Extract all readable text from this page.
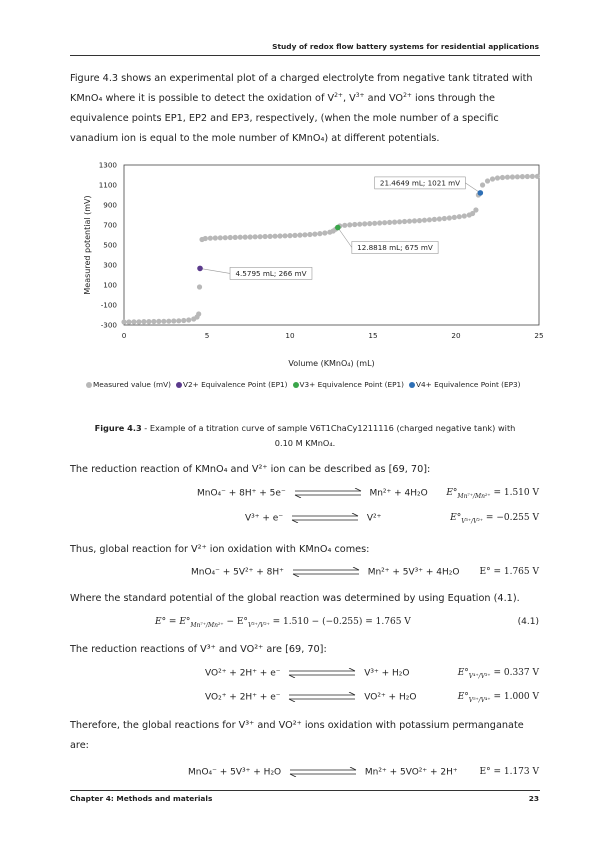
Study of redox flow battery systems for residential applications
Figure 4.3 shows an experimental plot of a charged electrolyte from negative tank titrated with
KMnO₄ where it is possible to detect the oxidation of $V^{2+}$, $V^{3+}$ and $VO^{2+}$ ions through the
equivalence points EP1, EP2 and EP3, respectively, (when the mole number of a specific
vanadium ion is equal to the mole number of KMnO₄) at different potentials.
-300
-100
100
300
500
700
900
1100
1300
0	5	10	15	20	25
Volume (KMnO₄) (mL)
Measured potential (mV)	4.5795 mL; 266 mV
12.8818 mL; 675 mV
21.4649 mL; 1021 mV
Measured value (mV) V2+ Equivalence Point (EP1) V3+ Equivalence Point (EP1) V4+ Equivalence Point (EP3)
Figure 4.3 - Example of a titration curve of sample V6T1ChaCy1211116 (charged negative tank) with
0.10 M KMnO₄.
The reduction reaction of KMnO₄ and V²⁺ ion can be described as [69, 70]:
MnO₄⁻ + 8H⁺ + 5e⁻	Mn²⁺ + 4H₂O $E^\circ_{Mn^{7+}/Mn^{2+}} = 1.510$ V
V³⁺ + e⁻	V²⁺	$E^\circ_{V^{3+}/V^{2+}} = -0.255$ V
Thus, global reaction for V²⁺ ion oxidation with KMnO₄ comes:
MnO₄⁻ + 5V²⁺ + 8H⁺	Mn²⁺ + 5V³⁺ + 4H₂O E° = 1.765 V
Where the standard potential of the global reaction was determined by using Equation (4.1).
$E^\circ = E^\circ_{Mn^{7+}/Mn^{2+}} - E^\circ_{V^{3+}/V^{2+}} = 1.510 - (-0.255) = 1.765$ V	(4.1)
The reduction reactions of V³⁺ and VO²⁺ are [69, 70]:
VO²⁺ + 2H⁺ + e⁻	V³⁺ + H₂O	$E^\circ_{V^{4+}/V^{3+}} = 0.337$ V
VO₂⁺ + 2H⁺ + e⁻	VO²⁺ + H₂O	$E^\circ_{V^{5+}/V^{4+}} = 1.000$ V
Therefore, the global reactions for V³⁺ and VO²⁺ ions oxidation with potassium permanganate
are:
MnO₄⁻ + 5V³⁺ + H₂O	Mn²⁺ + 5VO²⁺ + 2H⁺ E° = 1.173 V
Chapter 4: Methods and materials	23
